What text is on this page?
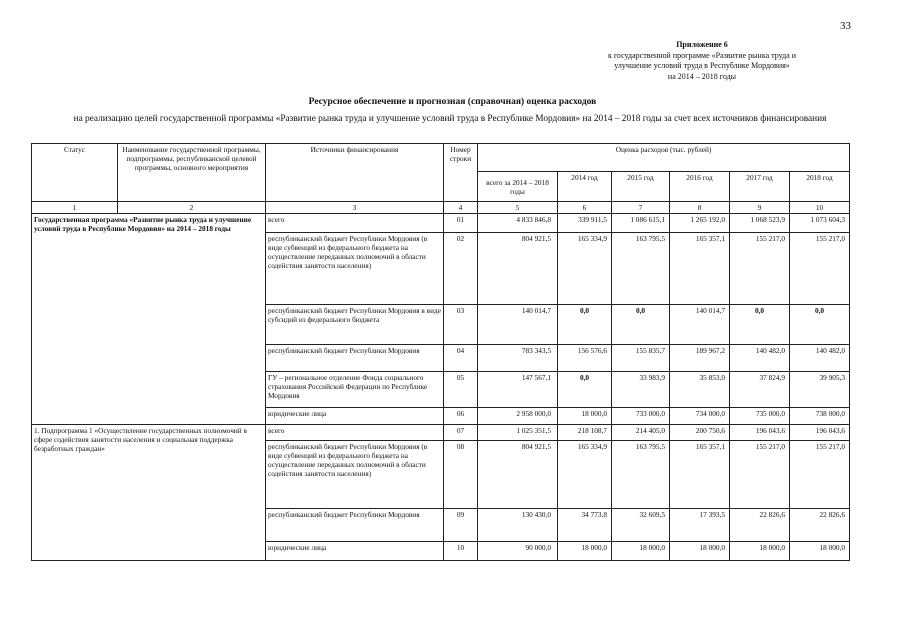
33
Приложение 6
к государственной программе «Развитие рынка труда и
улучшение условий труда в Республике Мордовия»
на 2014 – 2018 годы
Ресурсное обеспечение и прогнозная (справочная) оценка расходов
на реализацию целей государственной программы «Развитие рынка труда и улучшение условий труда в Республике Мордовия» на 2014 – 2018 годы за счет всех источников финансирования
Статус	Наименование государственной программы, подпрограммы, республиканской целевой программы, основного мероприятия	Источники финансирования	Номер строки	Оценка расходов (тыс. рублей)					
				всего за 2014 – 2018 годы	2014 год	2015 год	2016 год	2017 год	2018 год
1	2	3	4	5	6	7	8	9	10
Государственная программа «Развитие рынка труда и улучшение условий труда в Республике Мордовия» на 2014 – 2018 годы		всего	01	4 833 846,8	339 911,5	1 086 615,1	1 265 192,0	1 068 523,9	1 073 604,3
		республиканский бюджет Республики Мордовия (в виде субвенций из федерального бюджета на осуществление переданных полномочий в области содействия занятости населения)	02	804 921,5	165 334,9	163 795,5	165 357,1	155 217,0	155 217,0
		республиканский бюджет Республики Мордовия в виде субсидий из федерального бюджета	03	140 014,7	0,0	0,0	140 014,7	0,0	0,0
		республиканский бюджет Республики Мордовия	04	783 343,5	156 576,6	155 835,7	189 967,2	140 482,0	140 482,0
		ГУ – региональное отделение Фонда социального страхования Российской Федерации по Республике Мордовия	05	147 567,1	0,0	33 983,9	35 853,0	37 824,9	39 905,3
		юридические лица	06	2 958 000,0	18 000,0	733 000,0	734 000,0	735 000,0	738 000,0
1. Подпрограмма 1 «Осуществление государственных полномочий в сфере содействия занятости населения и социальная поддержка безработных граждан»		всего	07	1 025 351,5	218 108,7	214 405,0	200 750,6	196 043,6	196 043,6
		республиканский бюджет Республики Мордовия (в виде субвенций из федерального бюджета на осуществление переданных полномочий в области содействия занятости населения)	08	804 921,5	165 334,9	163 795,5	165 357,1	155 217,0	155 217,0
		республиканский бюджет Республики Мордовия	09	130 430,0	34 773,8	32 609,5	17 393,5	22 826,6	22 826,6
		юридические лица	10	90 000,0	18 000,0	18 000,0	18 000,0	18 000,0	18 000,0
